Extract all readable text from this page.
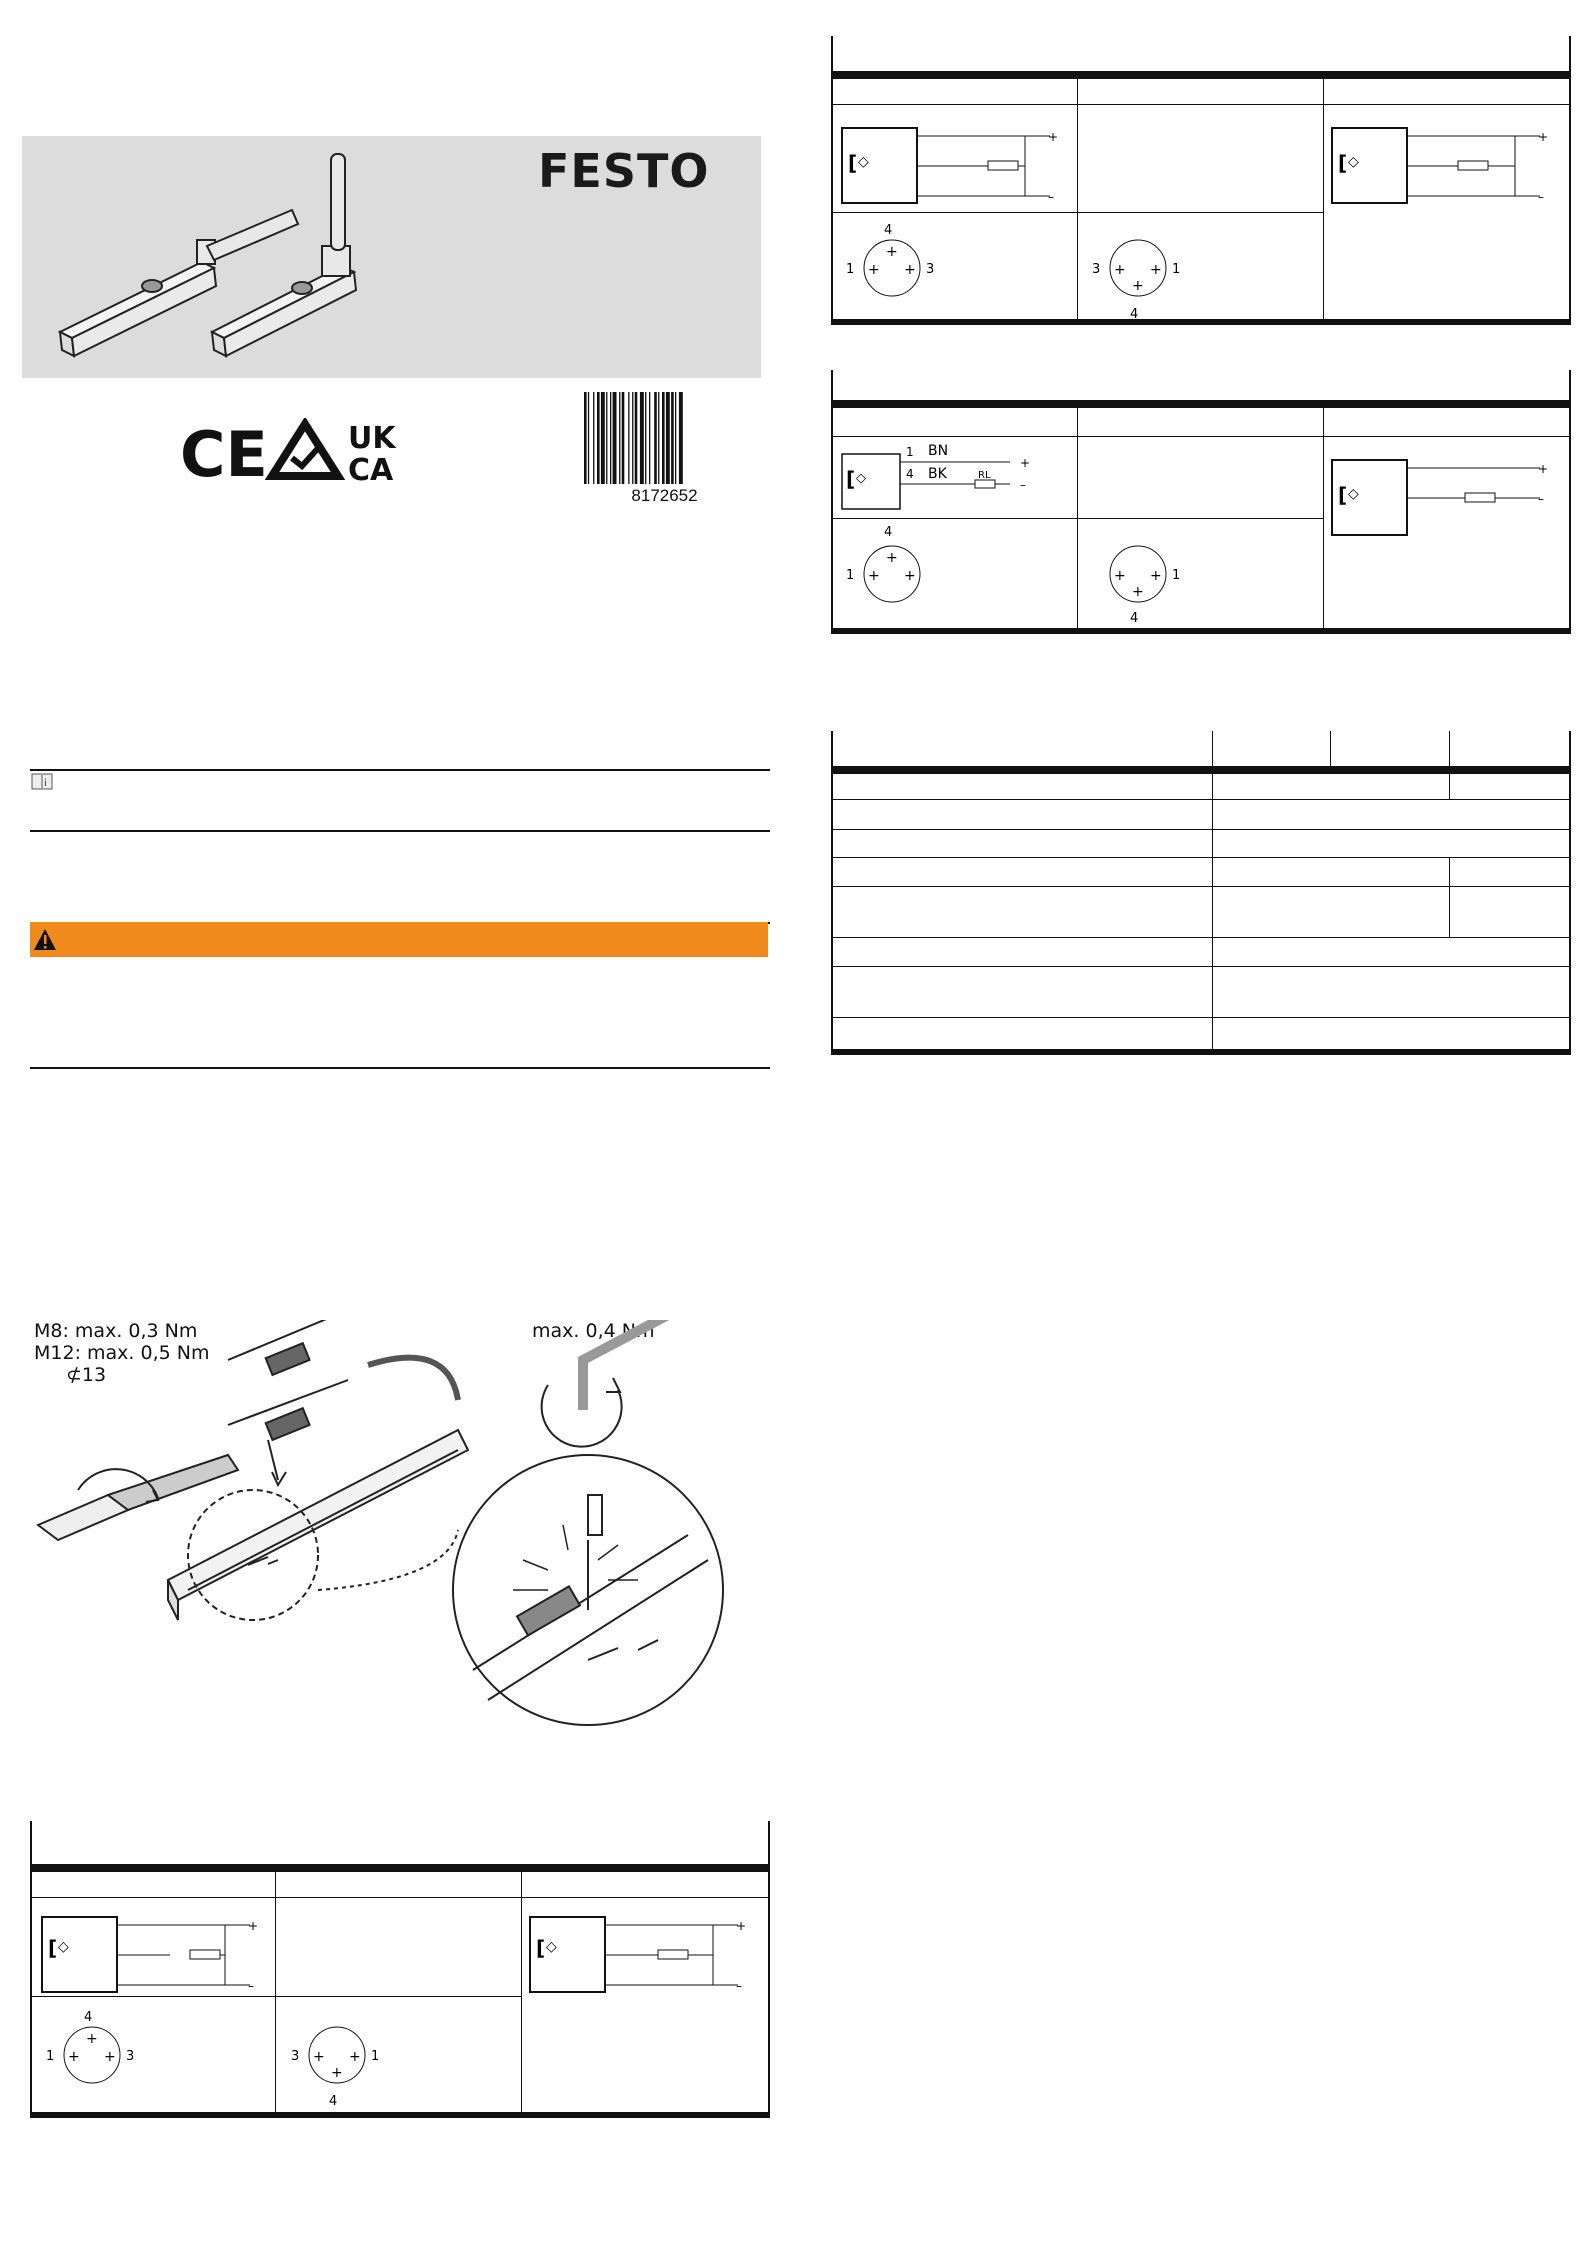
FESTO
CE	UK
CA
8172652
i
M8: max. 0,3 Nm
M12: max. 0,5 Nm
⊄13
max. 0,4 Nm
[ ◇
+
–
[ ◇
+
–
4
1	3
+
+ +
4
3	1
+
+ +
[ ◇
+
–
[ ◇
+
–
4
1	3
+
+ +
4
3	1
+
+ +
[ ◇
1
4
BN
BK	RL
+
–	[ ◇
+
–
4
1
+
+ +
4
1
+
+ +
